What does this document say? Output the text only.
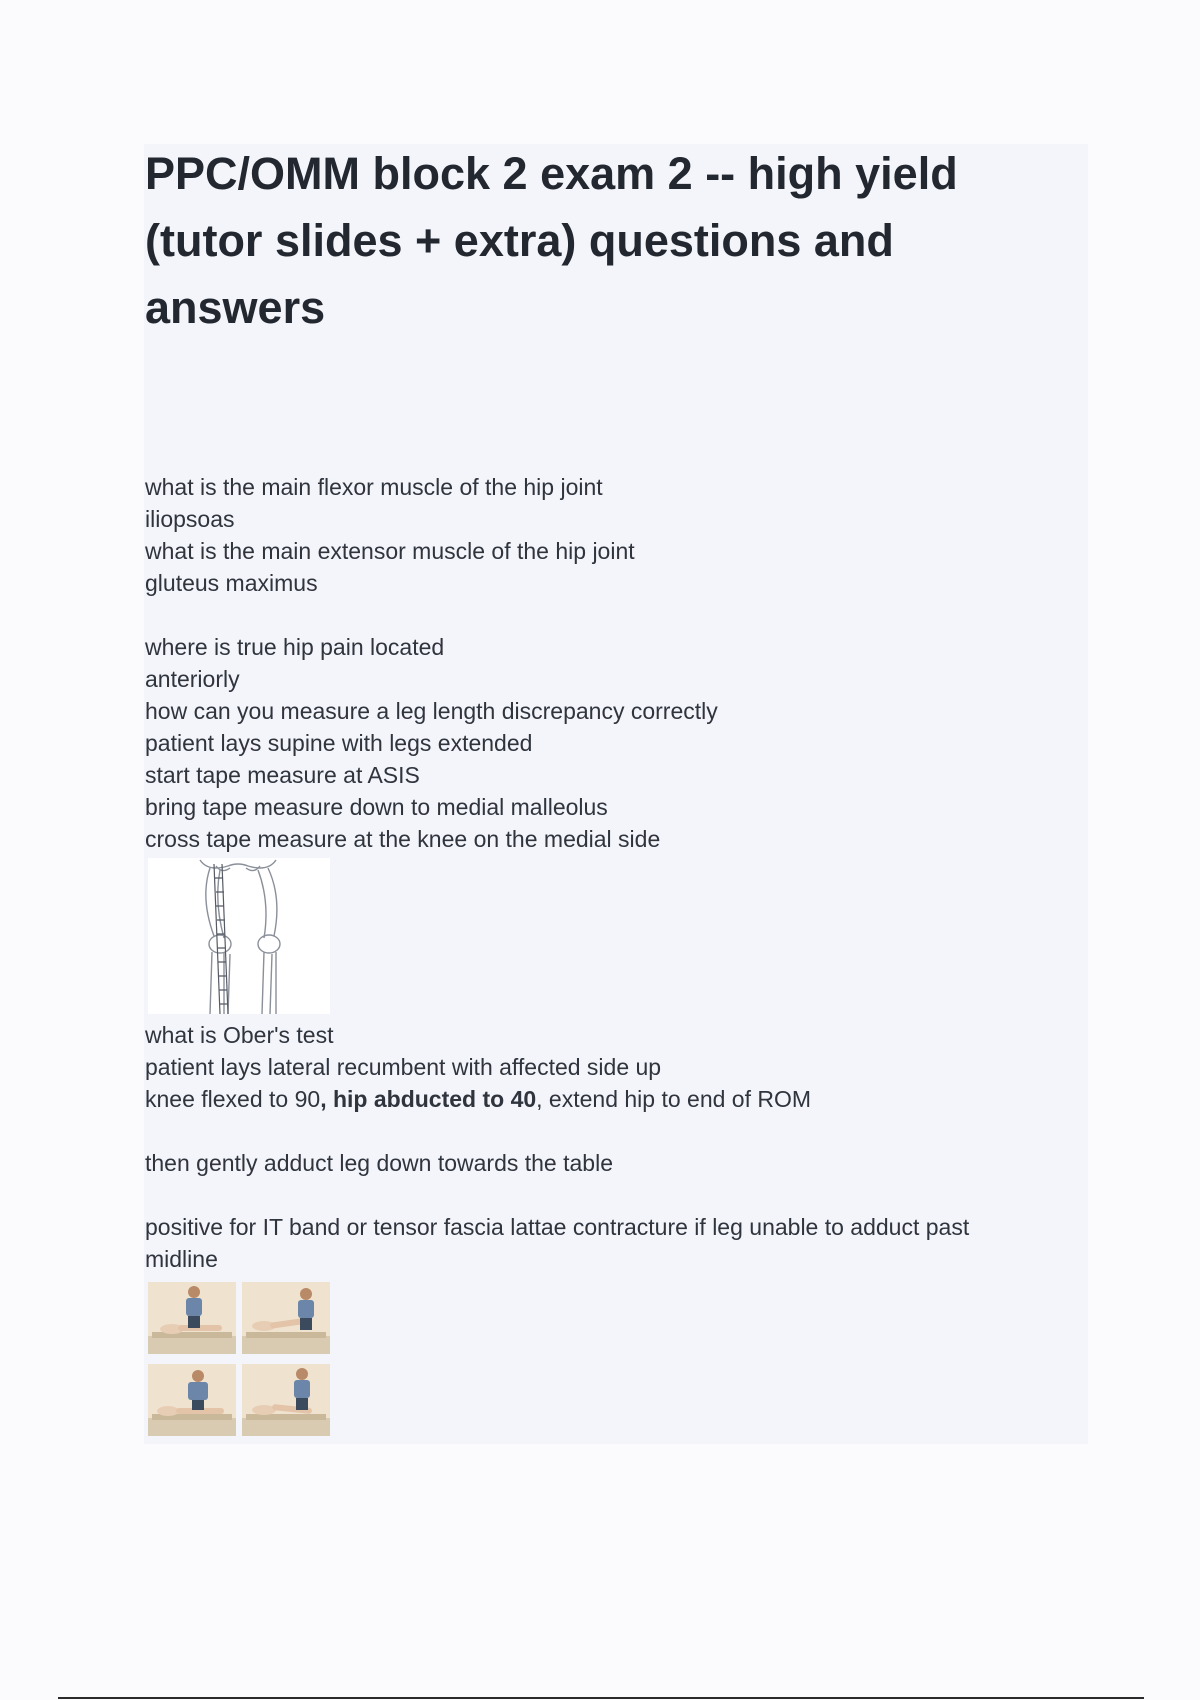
PPC/OMM block 2 exam 2 -- high yield (tutor slides + extra) questions and answers
what is the main flexor muscle of the hip joint
iliopsoas
what is the main extensor muscle of the hip joint
gluteus maximus
where is true hip pain located
anteriorly
how can you measure a leg length discrepancy correctly
patient lays supine with legs extended
start tape measure at ASIS
bring tape measure down to medial malleolus
cross tape measure at the knee on the medial side
what is Ober's test
patient lays lateral recumbent with affected side up
knee flexed to 90, hip abducted to 40, extend hip to end of ROM
then gently adduct leg down towards the table
positive for IT band or tensor fascia lattae contracture if leg unable to adduct past
midline
